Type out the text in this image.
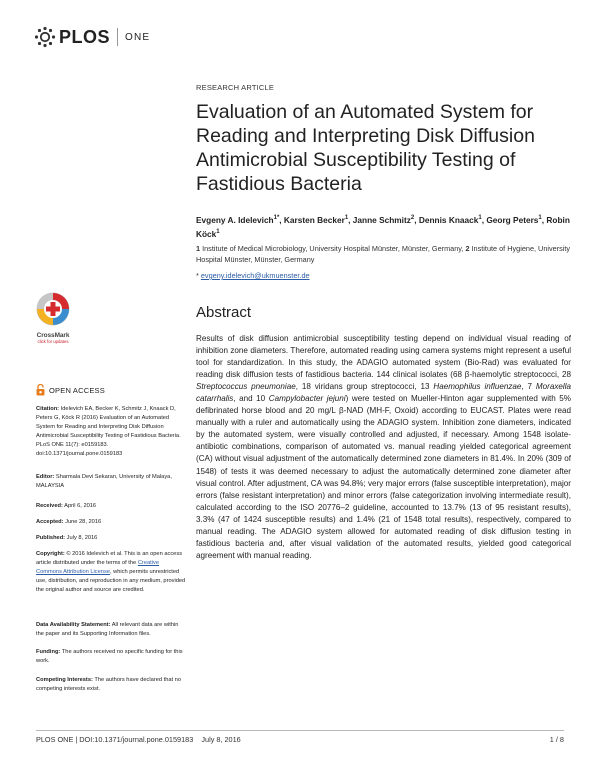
PLOS ONE
RESEARCH ARTICLE
Evaluation of an Automated System for Reading and Interpreting Disk Diffusion Antimicrobial Susceptibility Testing of Fastidious Bacteria
Evgeny A. Idelevich$^{1*}$, Karsten Becker$^1$, Janne Schmitz$^2$, Dennis Knaack$^1$, Georg Peters$^1$, Robin Köck$^1$
1 Institute of Medical Microbiology, University Hospital Münster, Münster, Germany, 2 Institute of Hygiene, University Hospital Münster, Münster, Germany
* evgeny.idelevich@ukmuenster.de
CrossMark
click for updates
OPEN ACCESS
Citation: Idelevich EA, Becker K, Schmitz J, Knaack D, Peters G, Köck R (2016) Evaluation of an Automated System for Reading and Interpreting Disk Diffusion Antimicrobial Susceptibility Testing of Fastidious Bacteria. PLoS ONE 11(7): e0159183. doi:10.1371/journal.pone.0159183
Editor: Sharmala Devi Sekaran, University of Malaya, MALAYSIA
Received: April 6, 2016
Accepted: June 28, 2016
Published: July 8, 2016
Copyright: © 2016 Idelevich et al. This is an open access article distributed under the terms of the Creative Commons Attribution License, which permits unrestricted use, distribution, and reproduction in any medium, provided the original author and source are credited.
Data Availability Statement: All relevant data are within the paper and its Supporting Information files.
Funding: The authors received no specific funding for this work.
Competing Interests: The authors have declared that no competing interests exist.
Abstract
Results of disk diffusion antimicrobial susceptibility testing depend on individual visual reading of inhibition zone diameters. Therefore, automated reading using camera systems might represent a useful tool for standardization. In this study, the ADAGIO automated system (Bio-Rad) was evaluated for reading disk diffusion tests of fastidious bacteria. 144 clinical isolates (68 β-haemolytic streptococci, 28 Streptococcus pneumoniae, 18 viridans group streptococci, 13 Haemophilus influenzae, 7 Moraxella catarrhalis, and 10 Campylobacter jejuni) were tested on Mueller-Hinton agar supplemented with 5% defibrinated horse blood and 20 mg/L β-NAD (MH-F, Oxoid) according to EUCAST. Plates were read manually with a ruler and automatically using the ADAGIO system. Inhibition zone diameters, indicated by the automated system, were visually controlled and adjusted, if necessary. Among 1548 isolate-antibiotic combinations, comparison of automated vs. manual reading yielded categorical agreement (CA) without visual adjustment of the automatically determined zone diameters in 81.4%. In 20% (309 of 1548) of tests it was deemed necessary to adjust the automatically determined zone diameter after visual control. After adjustment, CA was 94.8%; very major errors (false susceptible interpretation), major errors (false resistant interpretation) and minor errors (false categorization involving intermediate result), calculated according to the ISO 20776–2 guideline, accounted to 13.7% (13 of 95 resistant results), 3.3% (47 of 1424 susceptible results) and 1.4% (21 of 1548 total results), respectively, compared to manual reading. The ADAGIO system allowed for automated reading of disk diffusion testing in fastidious bacteria and, after visual validation of the automated results, yielded good categorical agreement with manual reading.
PLOS ONE | DOI:10.1371/journal.pone.0159183    July 8, 2016	1 / 8
